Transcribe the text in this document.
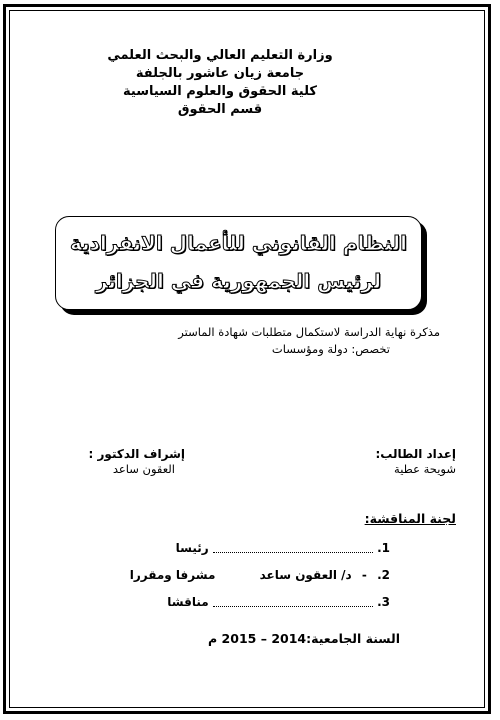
وزارة التعليم العالي والبحث العلمي
جامعة زيان عاشور بالجلفة
كلية الحقوق والعلوم السياسية
قسم الحقوق
النظام القانوني للأعمال الانفرادية
لرئيس الجمهورية في الجزائر
مذكرة نهاية الدراسة لاستكمال متطلبات شهادة الماستر
تخصص: دولة ومؤسسات
إعداد الطالب:
شويحة عطية
إشراف الدكتور :
العقون ساعد
لجنة المناقشة:
1.  رئيسا
2. - د/ العقون ساعد مشرفا ومقررا
3.  مناقشا
السنة الجامعية:2014 – 2015 م
